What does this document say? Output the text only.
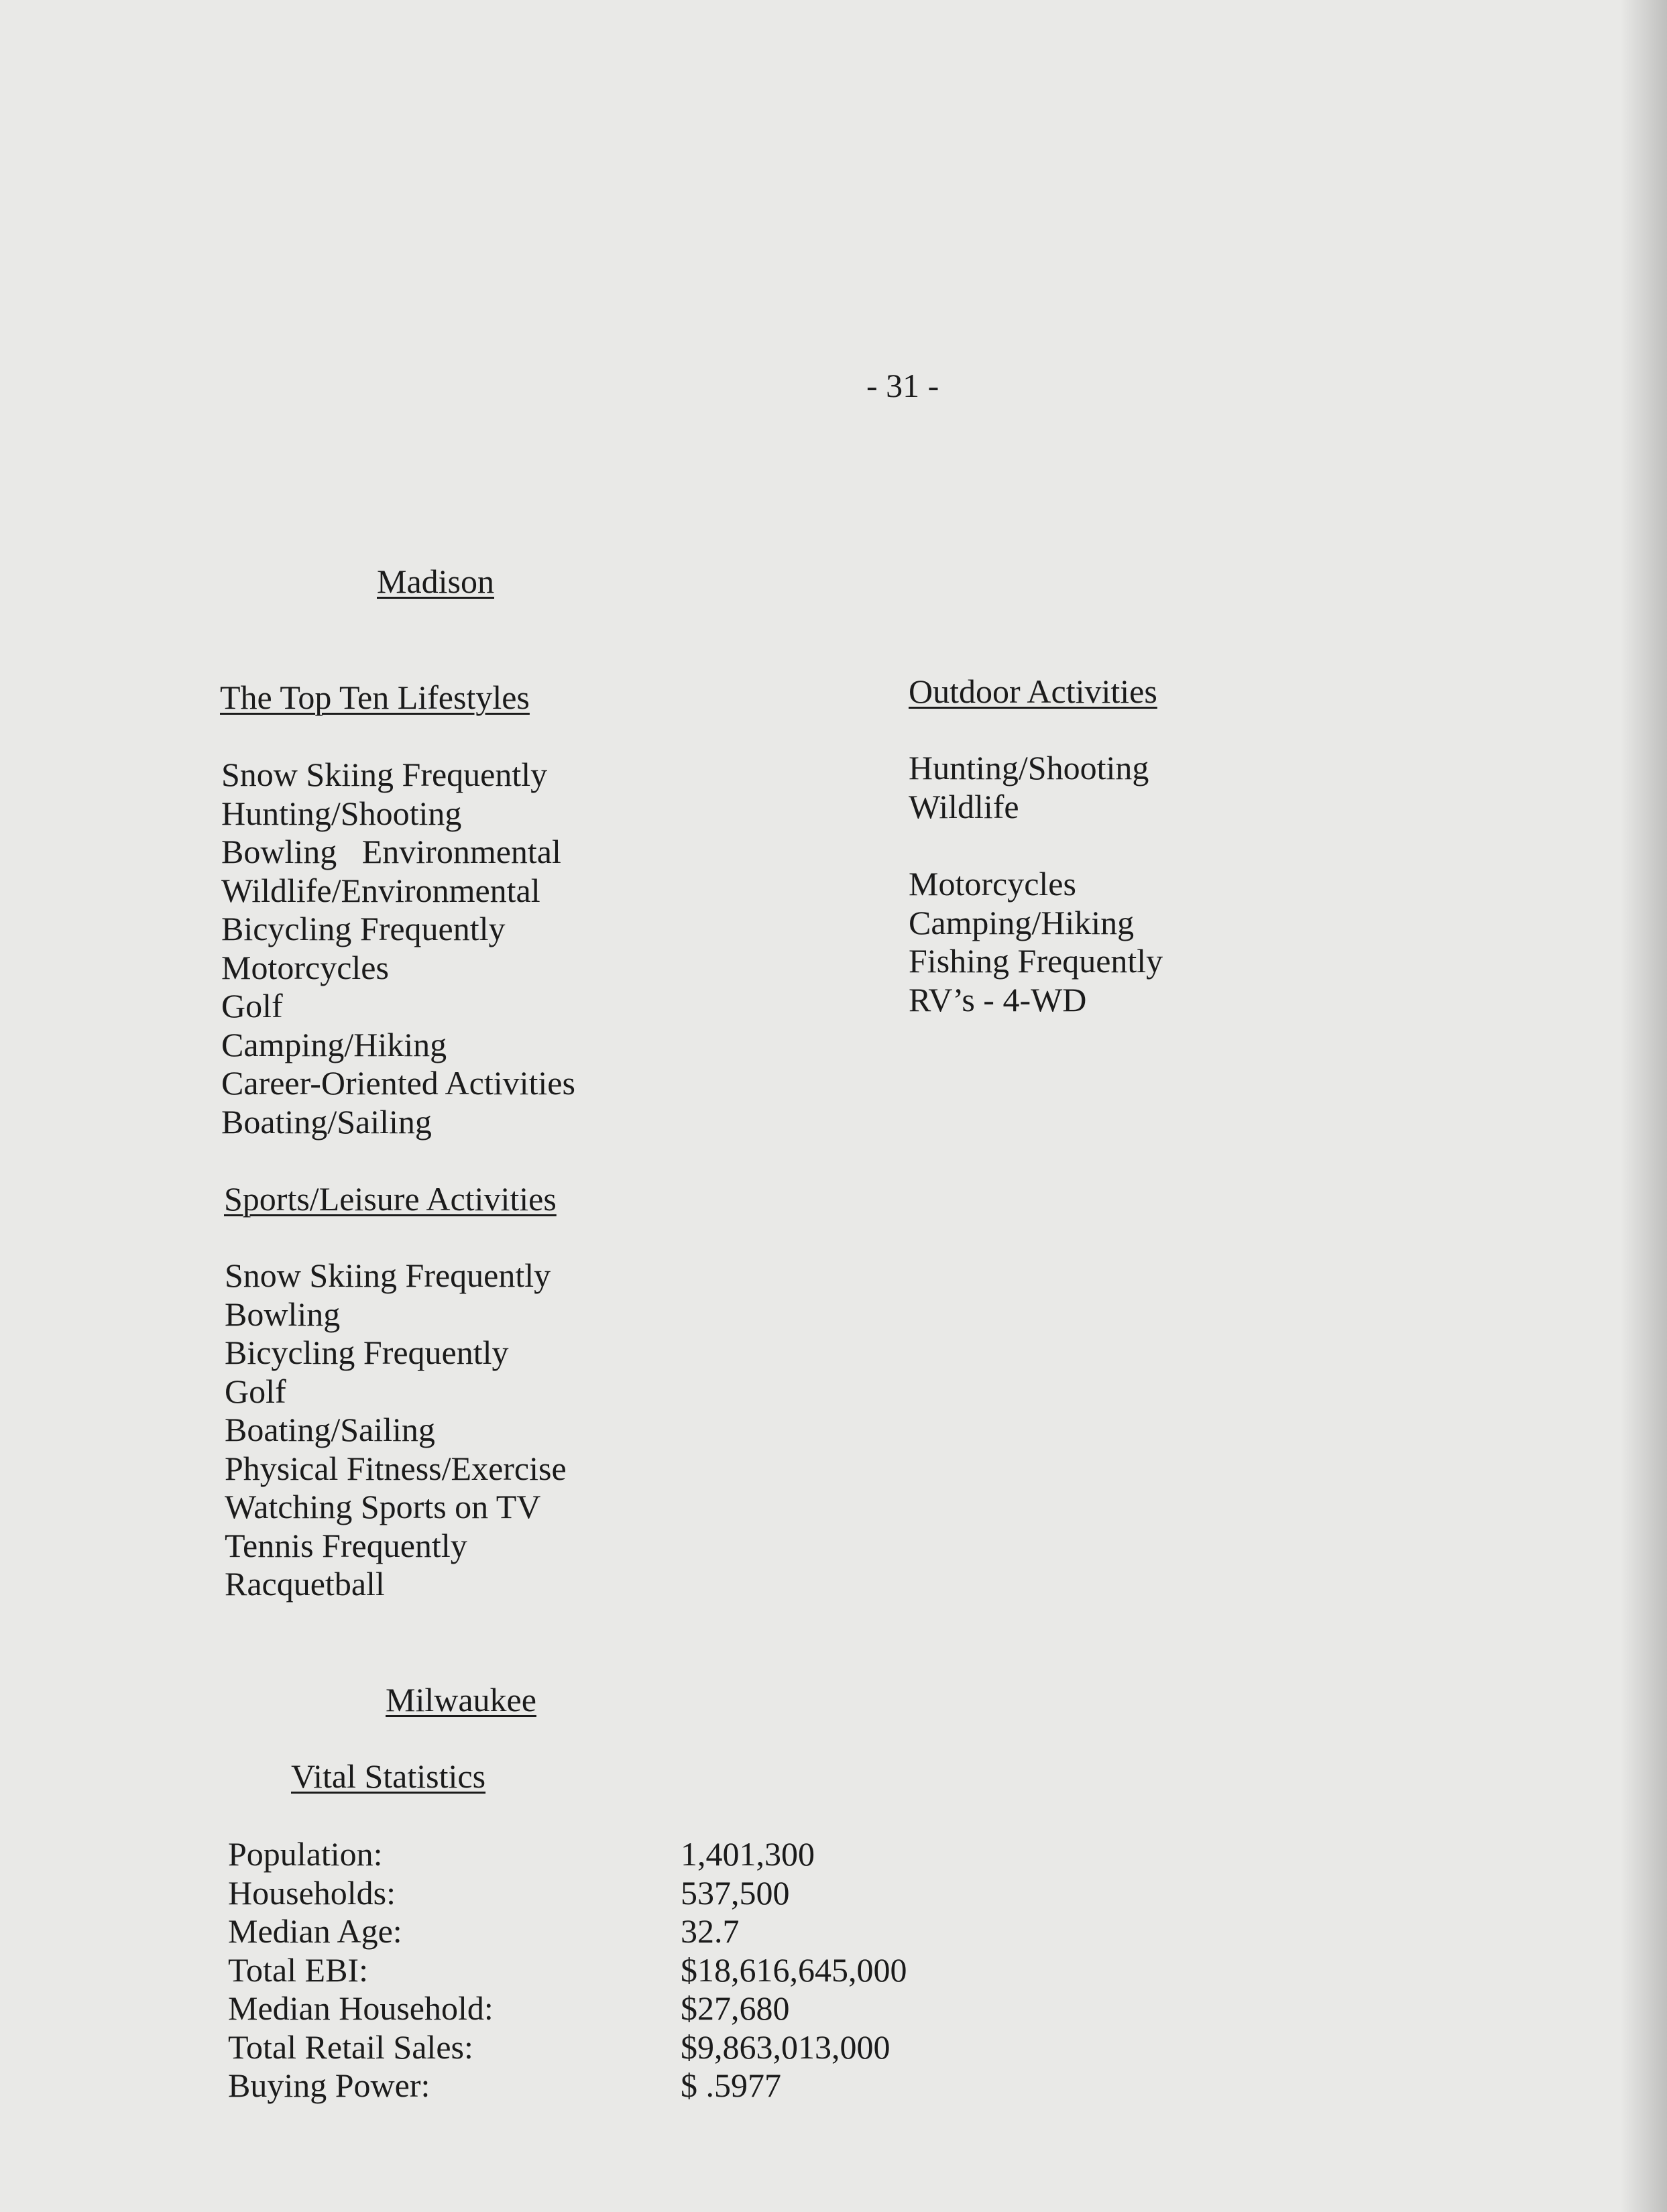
- 31 -
Madison
The Top Ten Lifestyles
Snow Skiing Frequently
Hunting/Shooting
Bowling   Environmental
Wildlife/Environmental
Bicycling Frequently
Motorcycles
Golf
Camping/Hiking
Career-Oriented Activities
Boating/Sailing
Sports/Leisure Activities
Snow Skiing Frequently
Bowling
Bicycling Frequently
Golf
Boating/Sailing
Physical Fitness/Exercise
Watching Sports on TV
Tennis Frequently
Racquetball
Outdoor Activities
Hunting/Shooting
Wildlife
Motorcycles
Camping/Hiking
Fishing Frequently
RV’s - 4-WD
Milwaukee
Vital Statistics
Population:	1,401,300
Households:	537,500
Median Age:	32.7
Total EBI:	$18,616,645,000
Median Household:	$27,680
Total Retail Sales:	$9,863,013,000
Buying Power:	$ .5977
